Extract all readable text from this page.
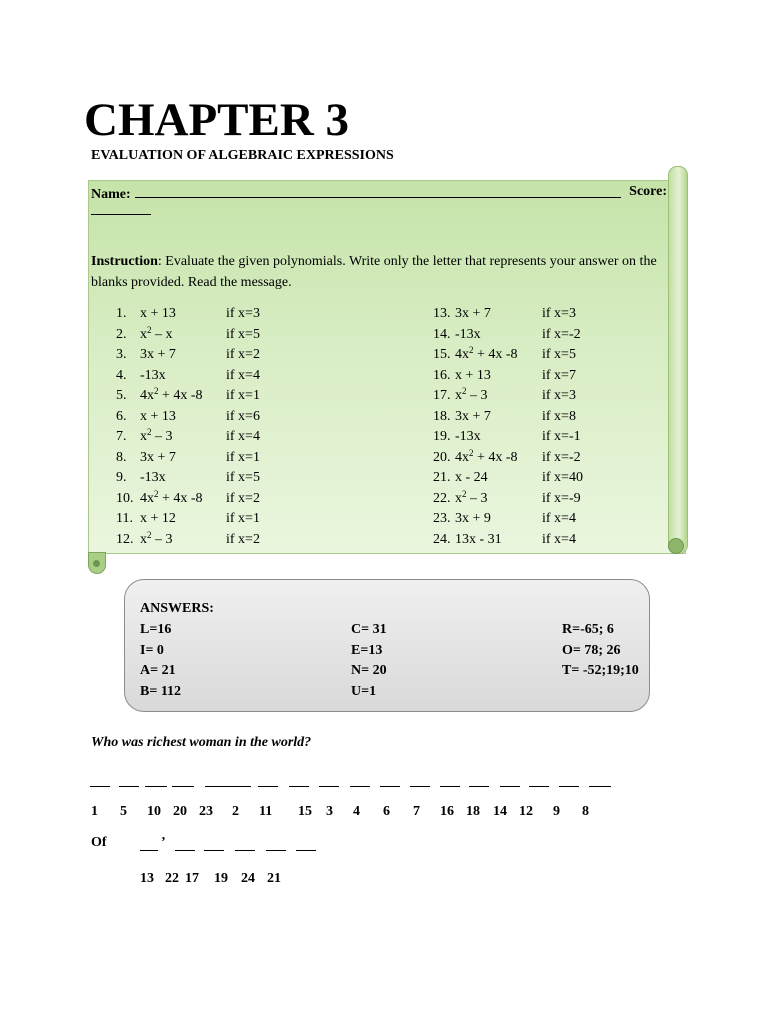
CHAPTER 3
EVALUATION OF ALGEBRAIC EXPRESSIONS
Name:	Score:
Instruction: Evaluate the given polynomials. Write only the letter that represents your answer on the blanks provided. Read the message.
1. x + 13	if x=3
2. $x^2$ – x	if x=5
3. 3x + 7	if x=2
4. -13x	if x=4
5. $4x^2 + 4x$ -8 if x=1
6. x + 13	if x=6
7. $x^2 - 3$	if x=4
8. 3x + 7	if x=1
9. -13x	if x=5
10. $4x^2 + 4x$ -8 if x=2
11. x + 12	if x=1
12. $x^2 - 3$	if x=2
13. 3x + 7	if x=3
14. -13x	if x=-2
15. $4x^2 + 4x$ -8 if x=5
16. x + 13	if x=7
17. $x^2 - 3$	if x=3
18. 3x + 7	if x=8
19. -13x	if x=-1
20. $4x^2 + 4x$ -8 if x=-2
21. x - 24	if x=40
22. $x^2 - 3$	if x=-9
23. 3x + 9	if x=4
24. 13x - 31	if x=4
ANSWERS:
L=16
I= 0
A= 21
B= 112
C= 31
E=13
N= 20
U=1
R=-65; 6
O= 78; 26
T= -52;19;10
Who was richest woman in the world?
1 5 10 20 23 2 11 15 3 4 6 7 16 18 14 12 9 8
Of	’
13 22 17 19 24 21
